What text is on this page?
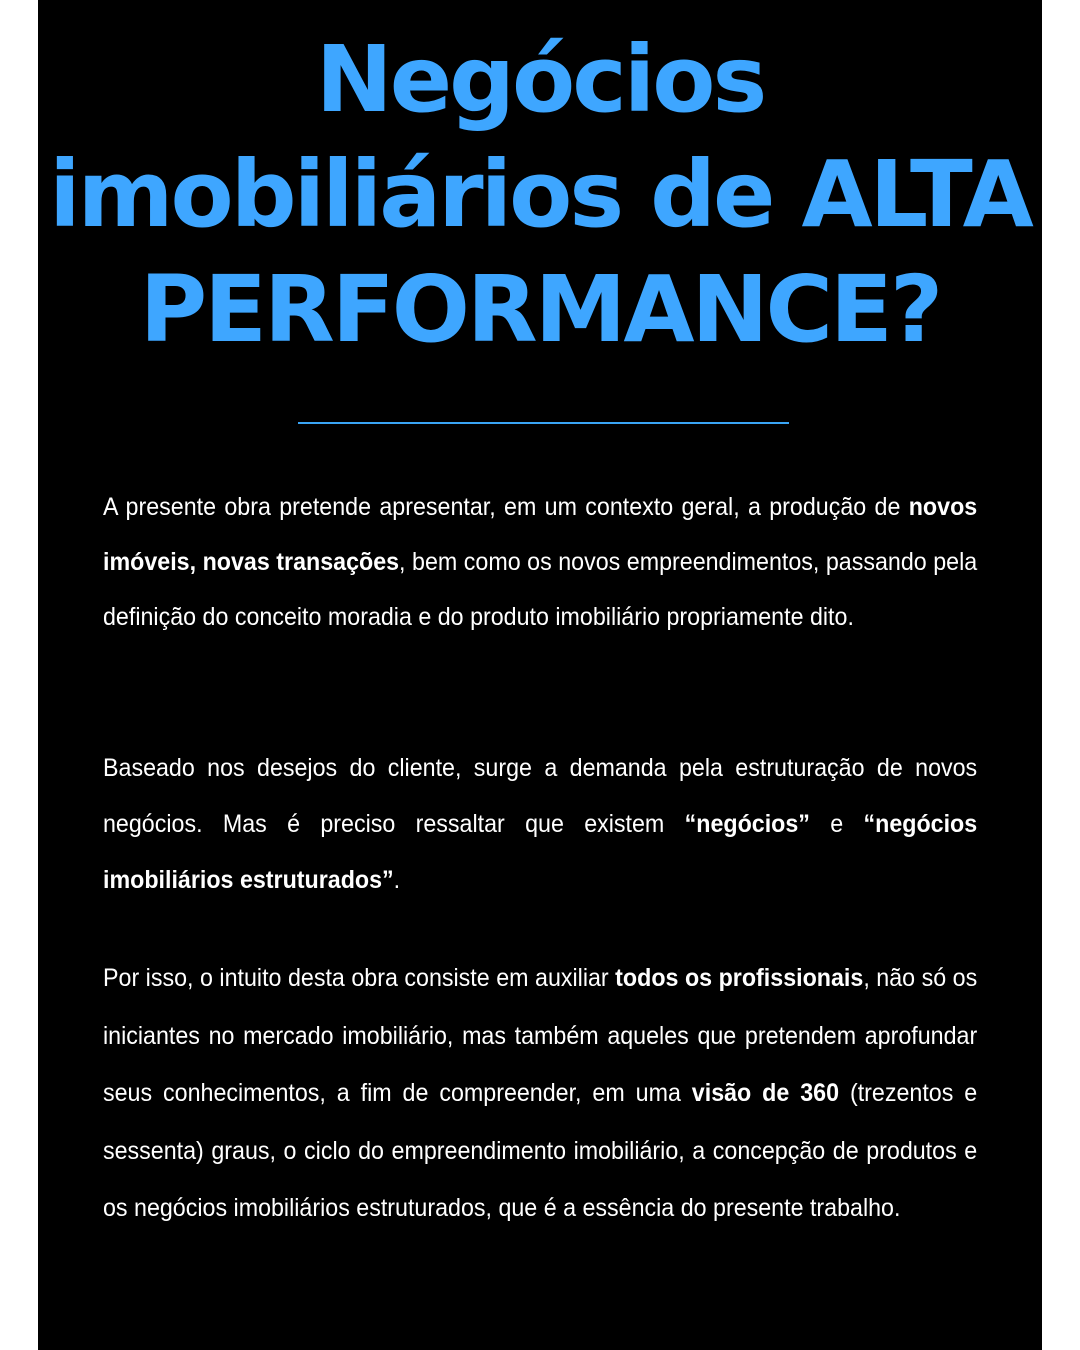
Negócios
imobiliários de ALTA
PERFORMANCE?

A presente obra pretende apresentar, em um contexto geral, a produção de novos imóveis, novas transações, bem como os novos empreendimentos, passando pela definição do conceito moradia e do produto imobiliário propriamente dito.

Baseado nos desejos do cliente, surge a demanda pela estruturação de novos negócios. Mas é preciso ressaltar que existem “negócios” e “negócios imobiliários estruturados”.

Por isso, o intuito desta obra consiste em auxiliar todos os profissionais, não só os iniciantes no mercado imobiliário, mas também aqueles que pretendem aprofundar seus conhecimentos, a fim de compreender, em uma visão de 360 (trezentos e sessenta) graus, o ciclo do empreendimento imobiliário, a concepção de produtos e os negócios imobiliários estruturados, que é a essência do presente trabalho.
